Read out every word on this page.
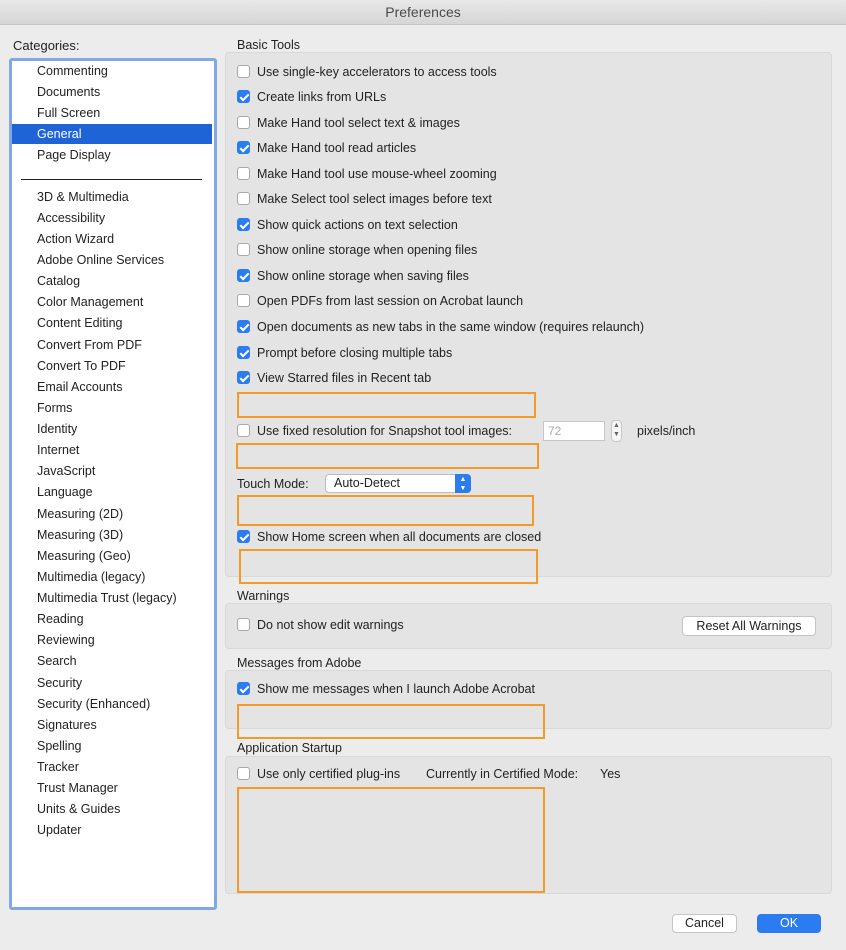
Preferences
Categories:
Commenting
Documents
Full Screen
General
Page Display
3D & Multimedia
Accessibility
Action Wizard
Adobe Online Services
Catalog
Color Management
Content Editing
Convert From PDF
Convert To PDF
Email Accounts
Forms
Identity
Internet
JavaScript
Language
Measuring (2D)
Measuring (3D)
Measuring (Geo)
Multimedia (legacy)
Multimedia Trust (legacy)
Reading
Reviewing
Search
Security
Security (Enhanced)
Signatures
Spelling
Tracker
Trust Manager
Units & Guides
Updater
Basic Tools
Use single-key accelerators to access tools
Create links from URLs
Make Hand tool select text & images
Make Hand tool read articles
Make Hand tool use mouse-wheel zooming
Make Select tool select images before text
Show quick actions on text selection
Show online storage when opening files
Show online storage when saving files
Open PDFs from last session on Acrobat launch
Open documents as new tabs in the same window (requires relaunch)
Prompt before closing multiple tabs
View Starred files in Recent tab
Use fixed resolution for Snapshot tool images:	72	▲
▼ pixels/inch
Touch Mode:	Auto-Detect	▲
▼
Show Home screen when all documents are closed
Warnings
Do not show edit warnings	Reset All Warnings
Messages from Adobe
Show me messages when I launch Adobe Acrobat
Application Startup
Use only certified plug-ins Currently in Certified Mode: Yes
Cancel	OK
